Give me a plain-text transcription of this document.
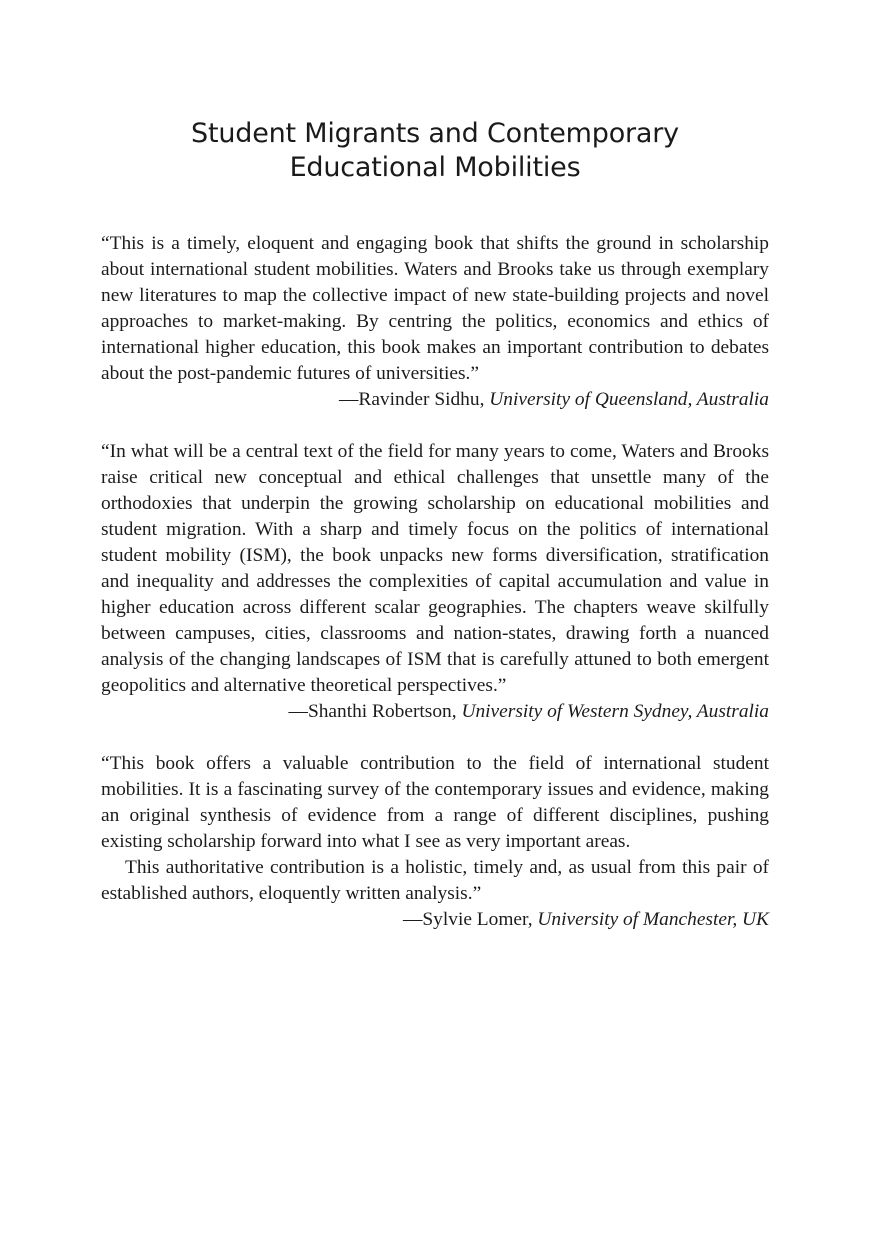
Student Migrants and Contemporary
Educational Mobilities

“This is a timely, eloquent and engaging book that shifts the ground in scholarship about international student mobilities. Waters and Brooks take us through exemplary new literatures to map the collective impact of new state-building projects and novel approaches to market-making. By centring the politics, economics and ethics of international higher education, this book makes an important contribution to debates about the post-pandemic futures of universities.”

—Ravinder Sidhu, University of Queensland, Australia

“In what will be a central text of the field for many years to come, Waters and Brooks raise critical new conceptual and ethical challenges that unsettle many of the orthodoxies that underpin the growing scholarship on educational mobilities and student migration. With a sharp and timely focus on the politics of international student mobility (ISM), the book unpacks new forms diversification, stratification and inequality and addresses the complexities of capital accumulation and value in higher education across different scalar geographies. The chapters weave skilfully between campuses, cities, classrooms and nation-states, drawing forth a nuanced analysis of the changing landscapes of ISM that is carefully attuned to both emergent geopolitics and alternative theoretical perspectives.”

—Shanthi Robertson, University of Western Sydney, Australia

“This book offers a valuable contribution to the field of international student mobilities. It is a fascinating survey of the contemporary issues and evidence, making an original synthesis of evidence from a range of different disciplines, pushing existing scholarship forward into what I see as very important areas.

This authoritative contribution is a holistic, timely and, as usual from this pair of established authors, eloquently written analysis.”

—Sylvie Lomer, University of Manchester, UK
